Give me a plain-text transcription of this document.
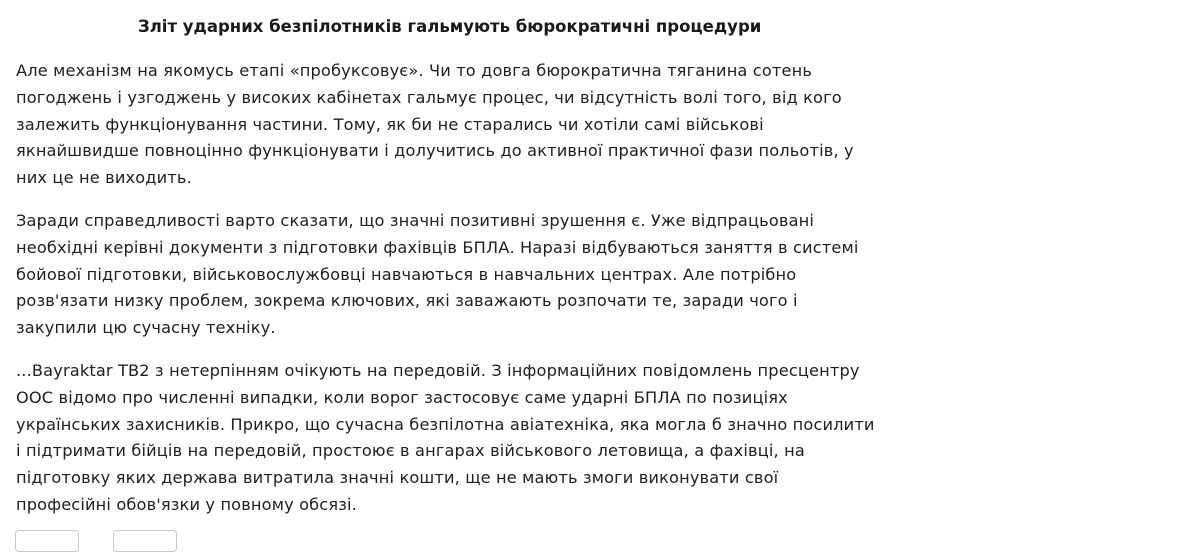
Зліт ударних безпілотників гальмують бюрократичні процедури

Але механізм на якомусь етапі «пробуксовує». Чи то довга бюрократична тяганина сотень погоджень і узгоджень у високих кабінетах гальмує процес, чи відсутність волі того, від кого залежить функціонування частини. Тому, як би не старались чи хотіли самі військові якнайшвидше повноцінно функціонувати і долучитись до активної практичної фази польотів, у них це не виходить.

Заради справедливості варто сказати, що значні позитивні зрушення є. Уже відпрацьовані необхідні керівні документи з підготовки фахівців БПЛА. Наразі відбуваються заняття в системі бойової підготовки, військовослужбовці навчаються в навчальних центрах. Але потрібно розв'язати низку проблем, зокрема ключових, які заважають розпочати те, заради чого і закупили цю сучасну техніку.

...Bayraktar TB2 з нетерпінням очікують на передовій. З інформаційних повідомлень пресцентру ООС відомо про численні випадки, коли ворог застосовує саме ударні БПЛА по позиціях українських захисників. Прикро, що сучасна безпілотна авіатехніка, яка могла б значно посилити і підтримати бійців на передовій, простоює в ангарах військового летовища, а фахівці, на підготовку яких держава витратила значні кошти, ще не мають змоги виконувати свої професійні обов'язки у повному обсязі.
